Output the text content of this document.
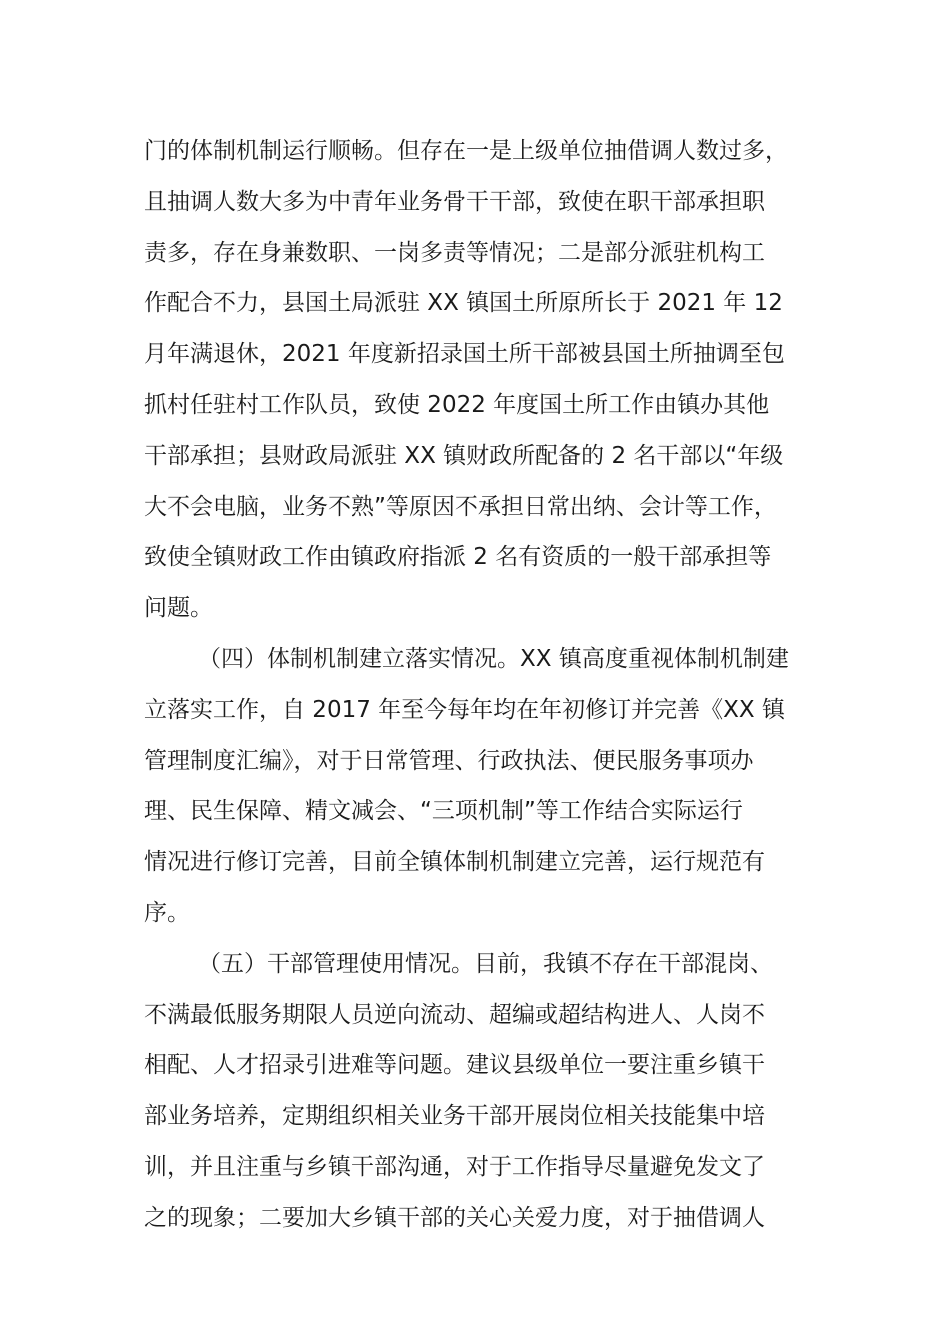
门的体制机制运行顺畅。但存在一是上级单位抽借调人数过多，
且抽调人数大多为中青年业务骨干干部，致使在职干部承担职
责多，存在身兼数职、一岗多责等情况；二是部分派驻机构工
作配合不力，县国土局派驻 XX 镇国土所原所长于 2021 年 12
月年满退休，2021 年度新招录国土所干部被县国土所抽调至包
抓村任驻村工作队员，致使 2022 年度国土所工作由镇办其他
干部承担；县财政局派驻 XX 镇财政所配备的 2 名干部以“年级
大不会电脑，业务不熟”等原因不承担日常出纳、会计等工作，
致使全镇财政工作由镇政府指派 2 名有资质的一般干部承担等
问题。
（四）体制机制建立落实情况。XX 镇高度重视体制机制建
立落实工作，自 2017 年至今每年均在年初修订并完善《XX 镇
管理制度汇编》，对于日常管理、行政执法、便民服务事项办
理、民生保障、精文减会、“三项机制”等工作结合实际运行
情况进行修订完善，目前全镇体制机制建立完善，运行规范有
序。
（五）干部管理使用情况。目前，我镇不存在干部混岗、
不满最低服务期限人员逆向流动、超编或超结构进人、人岗不
相配、人才招录引进难等问题。建议县级单位一要注重乡镇干
部业务培养，定期组织相关业务干部开展岗位相关技能集中培
训，并且注重与乡镇干部沟通，对于工作指导尽量避免发文了
之的现象；二要加大乡镇干部的关心关爱力度，对于抽借调人
